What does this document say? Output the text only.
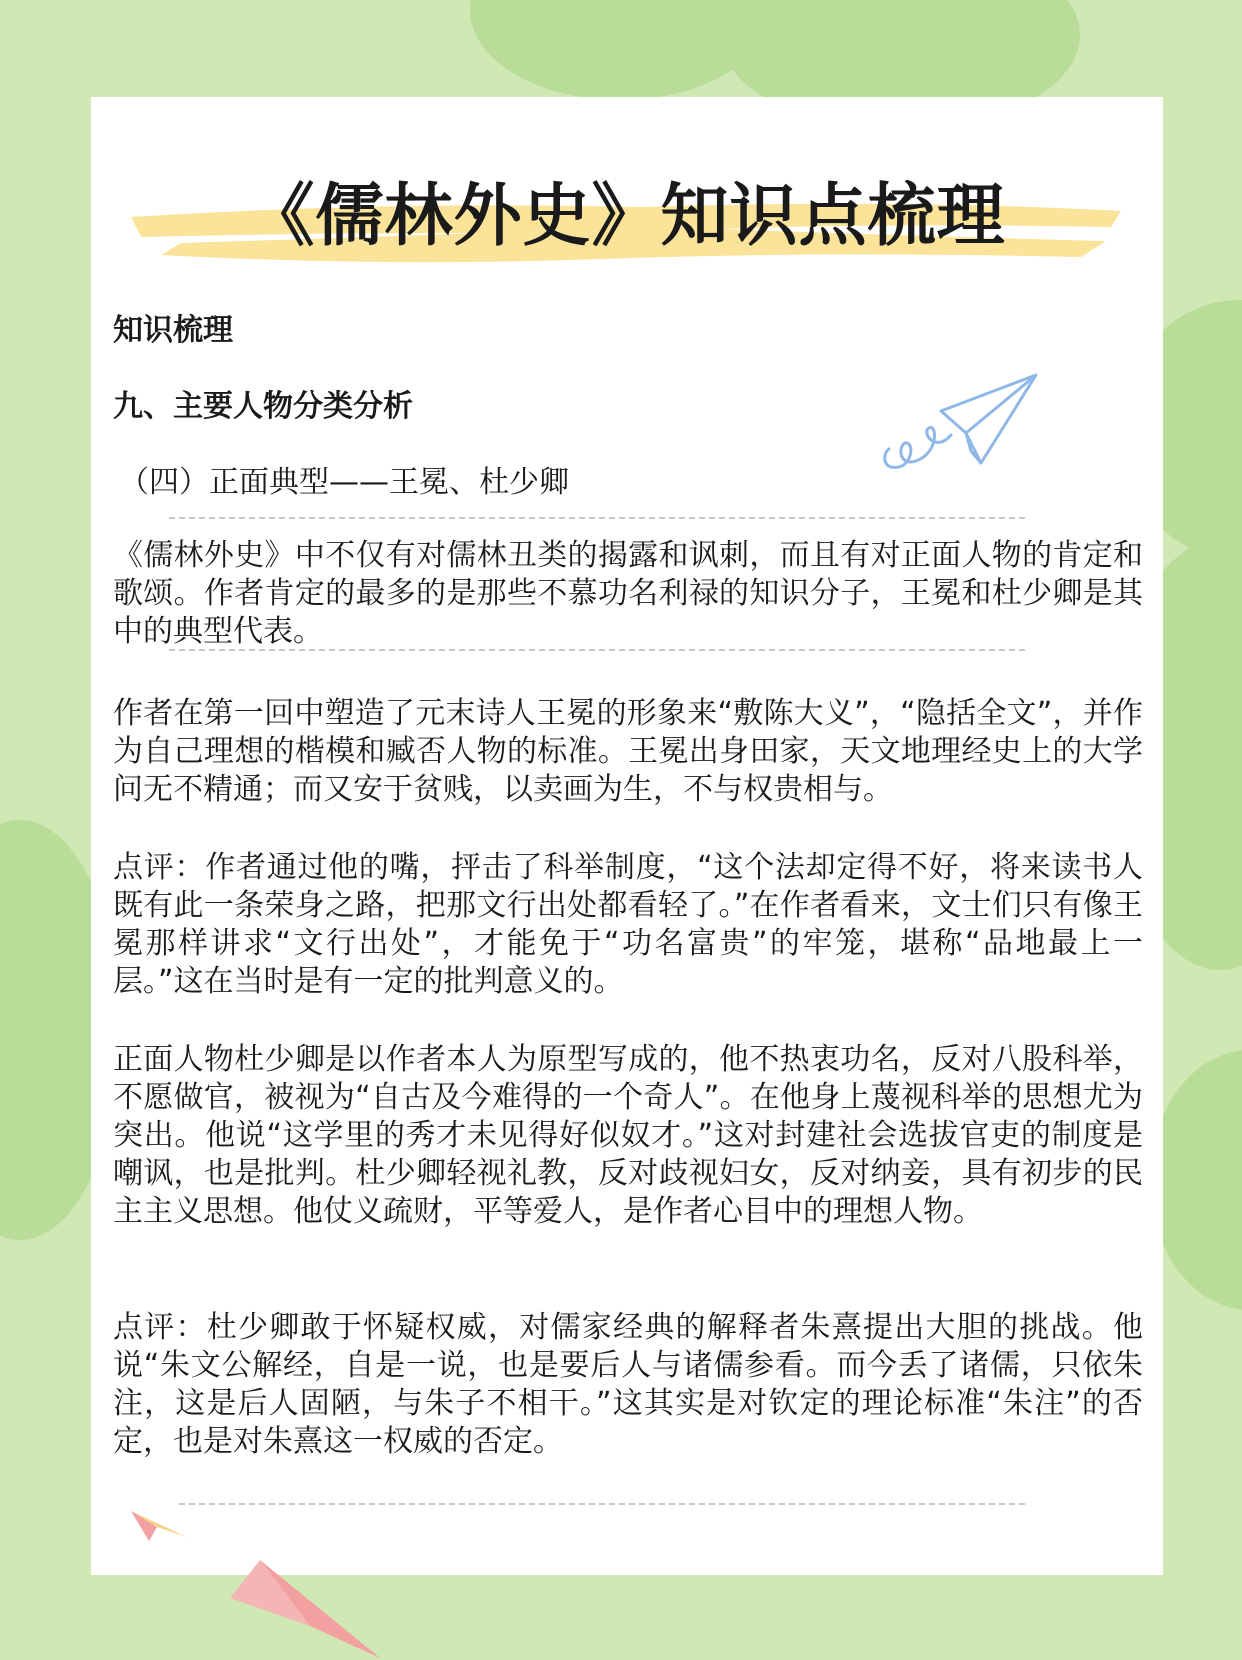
《儒林外史》知识点梳理
知识梳理
九、主要人物分类分析
（四）正面典型——王冕、杜少卿
《儒林外史》中不仅有对儒林丑类的揭露和讽刺，而且有对正面人物的肯定和歌颂。作者肯定的最多的是那些不慕功名利禄的知识分子，王冕和杜少卿是其中的典型代表。
作者在第一回中塑造了元末诗人王冕的形象来“敷陈大义”，“隐括全文”，并作为自己理想的楷模和臧否人物的标准。王冕出身田家，天文地理经史上的大学问无不精通；而又安于贫贱，以卖画为生，不与权贵相与。
点评：作者通过他的嘴，抨击了科举制度，“这个法却定得不好，将来读书人既有此一条荣身之路，把那文行出处都看轻了。”在作者看来，文士们只有像王冕那样讲求“文行出处”，才能免于“功名富贵”的牢笼，堪称“品地最上一层。”这在当时是有一定的批判意义的。
正面人物杜少卿是以作者本人为原型写成的，他不热衷功名，反对八股科举，不愿做官，被视为“自古及今难得的一个奇人”。在他身上蔑视科举的思想尤为突出。他说“这学里的秀才未见得好似奴才。”这对封建社会选拔官吏的制度是嘲讽，也是批判。杜少卿轻视礼教，反对歧视妇女，反对纳妾，具有初步的民主主义思想。他仗义疏财，平等爱人，是作者心目中的理想人物。
点评：杜少卿敢于怀疑权威，对儒家经典的解释者朱熹提出大胆的挑战。他说“朱文公解经，自是一说，也是要后人与诸儒参看。而今丢了诸儒，只依朱注，这是后人固陋，与朱子不相干。”这其实是对钦定的理论标准“朱注”的否定，也是对朱熹这一权威的否定。
